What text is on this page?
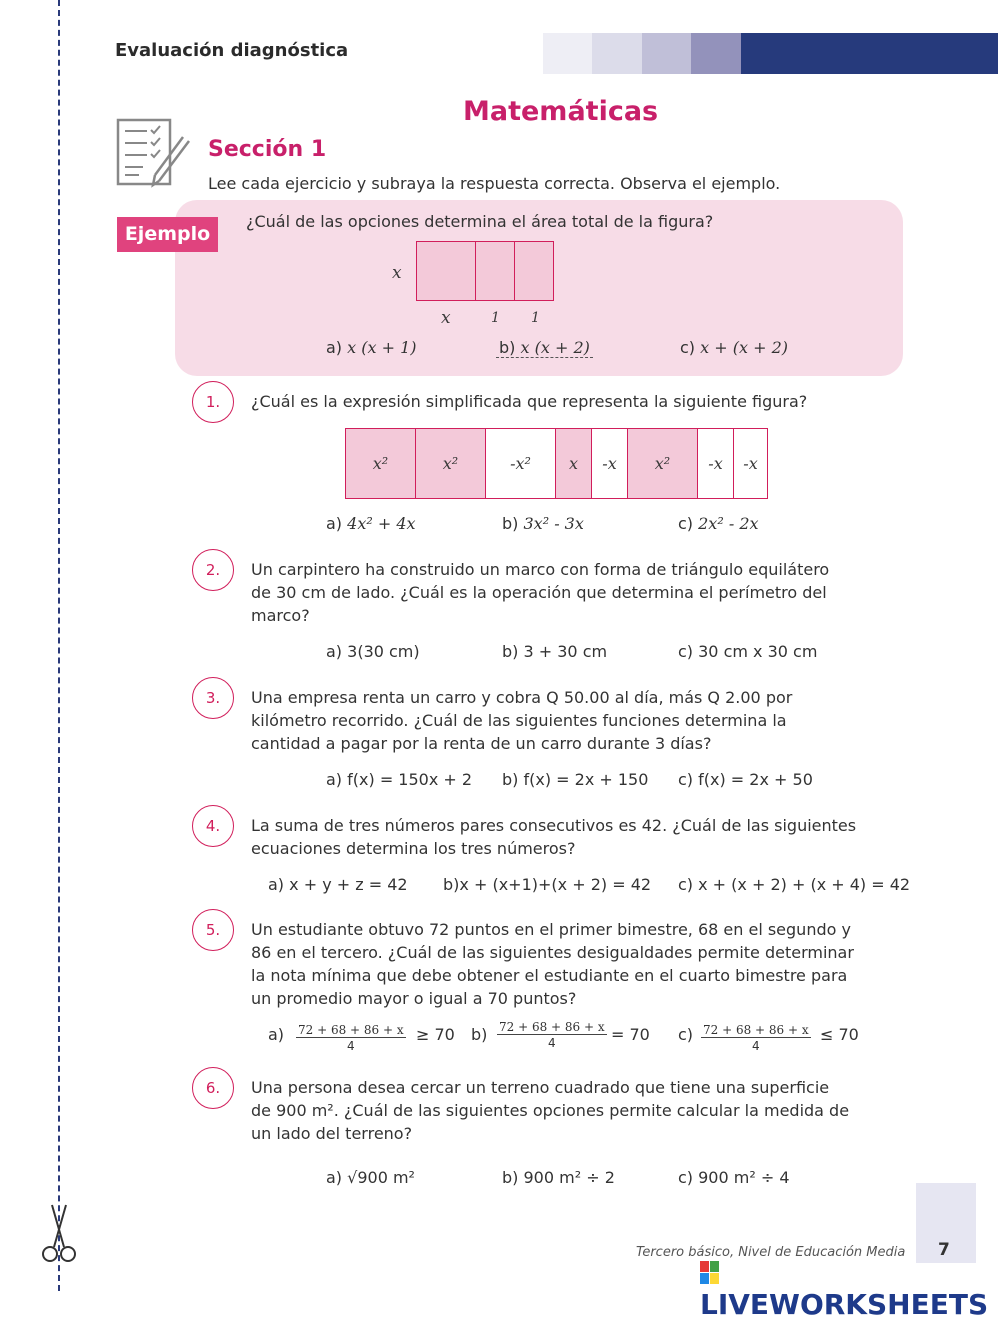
Evaluación diagnóstica
Matemáticas
Sección 1
Lee cada ejercicio y subraya la respuesta correcta. Observa el ejemplo.
Ejemplo
¿Cuál de las opciones determina el área total de la figura?
x
x	1 1
a) x (x + 1)	b) x (x + 2)	c) x + (x + 2)
1.	¿Cuál es la expresión simplificada que representa la siguiente figura?
x²	x²	-x²	x	-x	x²	-x	-x
a) 4x² + 4x	b) 3x² - 3x	c) 2x² - 2x
2.	Un carpintero ha construido un marco con forma de triángulo equilátero
de 30 cm de lado. ¿Cuál es la operación que determina el perímetro del
marco?
a) 3(30 cm)	b) 3 + 30 cm	c) 30 cm x 30 cm
3.	Una empresa renta un carro y cobra Q 50.00 al día, más Q 2.00 por
kilómetro recorrido. ¿Cuál de las siguientes funciones determina la
cantidad a pagar por la renta de un carro durante 3 días?
a) f(x) = 150x + 2 b) f(x) = 2x + 150 c) f(x) = 2x + 50
4.	La suma de tres números pares consecutivos es 42. ¿Cuál de las siguientes
ecuaciones determina los tres números?
a) x + y + z = 42 b)x + (x+1)+(x + 2) = 42 c) x + (x + 2) + (x + 4) = 42
5.	Un estudiante obtuvo 72 puntos en el primer bimestre, 68 en el segundo y
86 en el tercero. ¿Cuál de las siguientes desigualdades permite determinar
la nota mínima que debe obtener el estudiante en el cuarto bimestre para
un promedio mayor o igual a 70 puntos?
$a) \frac{72 + 68 + 86 + x}{4} \ge 70$ $b) \frac{72 + 68 + 86 + x}{4} = 70$ $c) \frac{72 + 68 + 86 + x}{4} \le 70$
6.	Una persona desea cercar un terreno cuadrado que tiene una superficie
de 900 m². ¿Cuál de las siguientes opciones permite calcular la medida de
un lado del terreno?
a) √900 m²	b) 900 m² ÷ 2	c) 900 m² ÷ 4
Tercero básico, Nivel de Educación Media 7
LIVEWORKSHEETS
